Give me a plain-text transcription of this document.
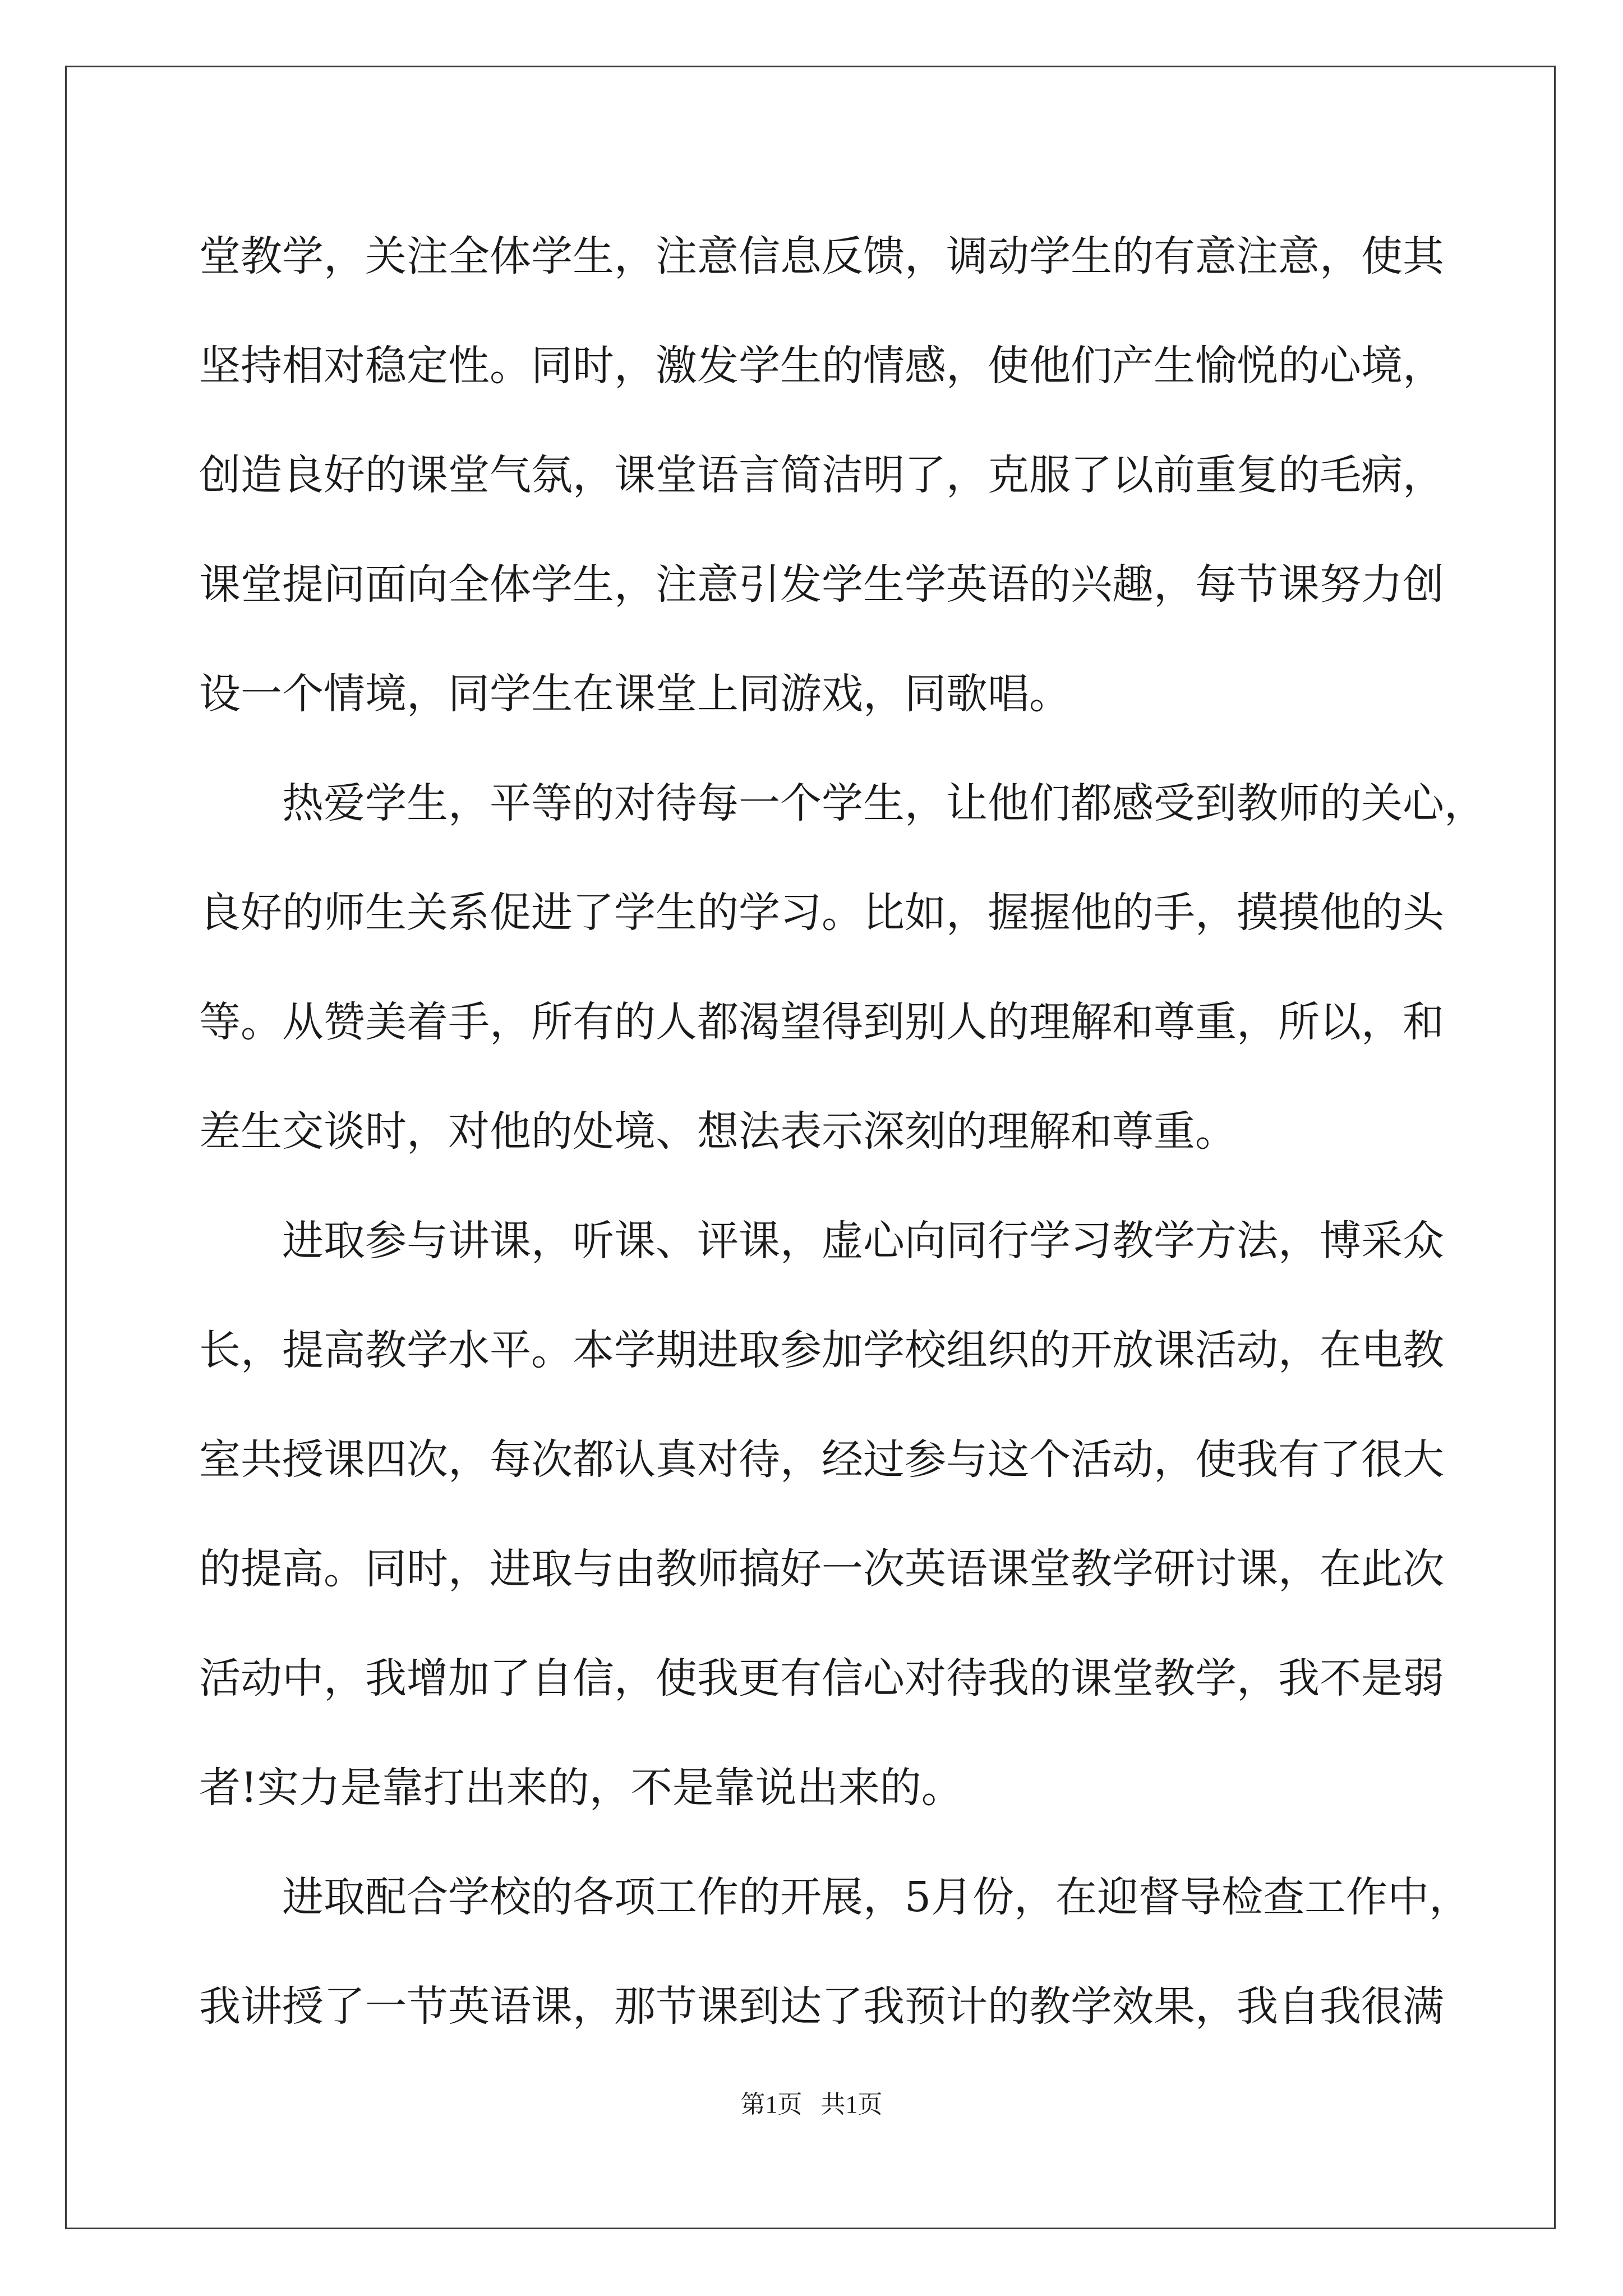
堂教学，关注全体学生，注意信息反馈，调动学生的有意注意，使其
坚持相对稳定性。同时，激发学生的情感，使他们产生愉悦的心境，
创造良好的课堂气氛，课堂语言简洁明了，克服了以前重复的毛病，
课堂提问面向全体学生，注意引发学生学英语的兴趣，每节课努力创
设一个情境，同学生在课堂上同游戏，同歌唱。
热爱学生，平等的对待每一个学生，让他们都感受到教师的关心，
良好的师生关系促进了学生的学习。比如，握握他的手，摸摸他的头
等。从赞美着手，所有的人都渴望得到别人的理解和尊重，所以，和
差生交谈时，对他的处境、想法表示深刻的理解和尊重。
进取参与讲课，听课、评课，虚心向同行学习教学方法，博采众
长，提高教学水平。本学期进取参加学校组织的开放课活动，在电教
室共授课四次，每次都认真对待，经过参与这个活动，使我有了很大
的提高。同时，进取与由教师搞好一次英语课堂教学研讨课，在此次
活动中，我增加了自信，使我更有信心对待我的课堂教学，我不是弱
者!实力是靠打出来的，不是靠说出来的。
进取配合学校的各项工作的开展，5月份，在迎督导检查工作中，
我讲授了一节英语课，那节课到达了我预计的教学效果，我自我很满
第1页 共1页
